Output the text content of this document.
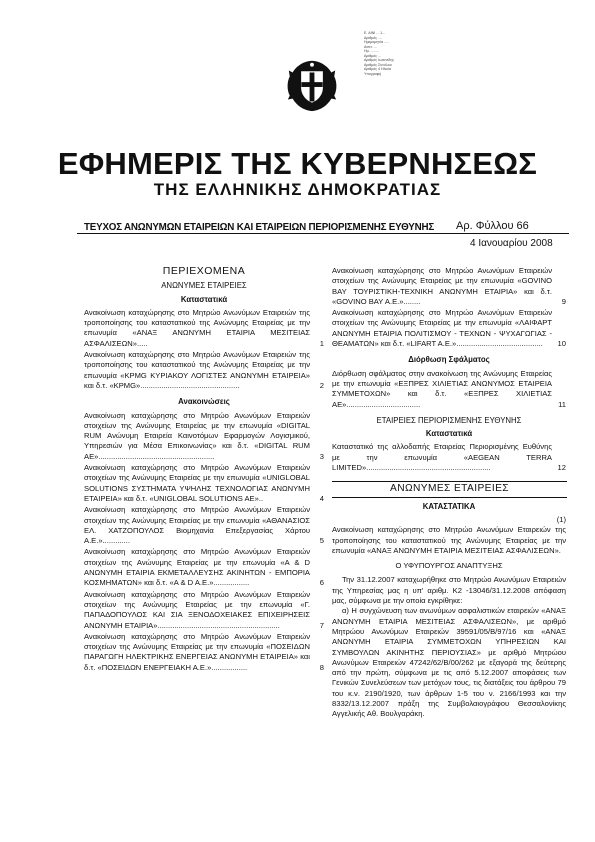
Ε. ΑΙΝΙ ... 1...
Αριθμός ....
Ημερομηνία .....
Αντιτ. ...
Ημ. ........
Αριθμός ...
Αριθμός Ιωαννιδης
Αριθμός Συνόλου
Αριθμός 4 Ηλικία
Υπογραφή
ΕΦΗΜΕΡΙΣ ΤΗΣ ΚΥΒΕΡΝΗΣΕΩΣ
ΤΗΣ ΕΛΛΗΝΙΚΗΣ ΔΗΜΟΚΡΑΤΙΑΣ
ΤΕΥΧΟΣ ΑΝΩΝΥΜΩΝ ΕΤΑΙΡΕΙΩΝ ΚΑΙ ΕΤΑΙΡΕΙΩΝ ΠΕΡΙΟΡΙΣΜΕΝΗΣ ΕΥΘΥΝΗΣ Αρ. Φύλλου 66
4 Ιανουαρίου 2008

ΠΕΡΙΕΧΟΜΕΝΑ

ΑΝΩΝΥΜΕΣ ΕΤΑΙΡΕΙΕΣ

Καταστατικά

Ανακοίνωση καταχώρησης στο Μητρώο Ανωνύμων Εταιρειών της τροποποίησης του καταστατικού της Ανώνυμης Εταιρείας με την επωνυμία «ΑΝΑΞ ΑΝΩΝΥΜΗ ΕΤΑΙΡΙΑ ΜΕΣΙΤΕΙΑΣ ΑΣΦΑΛΙΣΕΩΝ».....	1
Ανακοίνωση καταχώρησης στο Μητρώο Ανωνύμων Εταιρειών της τροποποίησης του καταστατικού της Ανώνυμης Εταιρείας με την επωνυμία «KPMG ΚΥΡΙΑΚΟΥ ΛΟΓΙΣΤΕΣ ΑΝΩΝΥΜΗ ΕΤΑΙΡΕΙΑ» και δ.τ. «KPMG»...............................................	2

Ανακοινώσεις

Ανακοίνωση καταχώρησης στο Μητρώο Ανωνύμων Εταιρειών στοιχείων της Ανώνυμης Εταιρείας με την επωνυμία «DIGITAL RUM Ανώνυμη Εταιρεία Καινοτόμων Εφαρμογών Λογισμικού, Υπηρεσιών για Μέσα Επικοινωνίας» και δ.τ. «DIGITAL RUM ΑΕ».......................................................	3
Ανακοίνωση καταχώρησης στο Μητρώο Ανωνύμων Εταιρειών στοιχείων της Ανώνυμης Εταιρείας με την επωνυμία «UNIGLOBAL SOLUTIONS ΣΥΣΤΗΜΑΤΑ ΥΨΗΛΗΣ ΤΕΧΝΟΛΟΓΙΑΣ ΑΝΩΝΥΜΗ ΕΤΑΙΡΕΙΑ» και δ.τ. «UNIGLOBAL SOLUTIONS AE»..	4
Ανακοίνωση καταχώρησης στο Μητρώο Ανωνύμων Εταιρειών στοιχείων της Ανώνυμης Εταιρείας με την επωνυμία «ΑΘΑΝΑΣΙΟΣ ΕΛ. ΧΑΤΖΟΠΟΥΛΟΣ Βιομηχανία Επεξεργασίας Χάρτου Α.Ε.».............	5
Ανακοίνωση καταχώρησης στο Μητρώο Ανωνύμων Εταιρειών στοιχείων της Ανώνυμης Εταιρείας με την επωνυμία «A & D ΑΝΩΝΥΜΗ ΕΤΑΙΡΙΑ ΕΚΜΕΤΑΛΛΕΥΣΗΣ ΑΚΙΝΗΤΩΝ - ΕΜΠΟΡΙΑ ΚΟΣΜΗΜΑΤΩΝ» και δ.τ. «A & D A.E.».................	6
Ανακοίνωση καταχώρησης στο Μητρώο Ανωνύμων Εταιρειών στοιχείων της Ανώνυμης Εταιρείας με την επωνυμία «Γ. ΠΑΠΑΔΟΠΟΥΛΟΣ ΚΑΙ ΣΙΑ ΞΕΝΟΔΟΧΕΙΑΚΕΣ ΕΠΙΧΕΙΡΗΣΕΙΣ ΑΝΩΝΥΜΗ ΕΤΑΙΡΙΑ»..........................................................	7
Ανακοίνωση καταχώρησης στο Μητρώο Ανωνύμων Εταιρειών στοιχείων της Ανώνυμης Εταιρείας με την επωνυμία «ΠΟΣΕΙΔΩΝ ΠΑΡΑΓΩΓΗ ΗΛΕΚΤΡΙΚΗΣ ΕΝΕΡΓΕΙΑΣ ΑΝΩΝΥΜΗ ΕΤΑΙΡΕΙΑ» και δ.τ. «ΠΟΣΕΙΔΩΝ ΕΝΕΡΓΕΙΑΚΗ Α.Ε.».................	8
Ανακοίνωση καταχώρησης στο Μητρώο Ανωνύμων Εταιρειών στοιχείων της Ανώνυμης Εταιρείας με την επωνυμία «GOVINO BAY ΤΟΥΡΙΣΤΙΚΗ-ΤΕΧΝΙΚΗ ΑΝΩΝΥΜΗ ΕΤΑΙΡΙΑ» και δ.τ. «GOVINO BAY A.E.»........	9
Ανακοίνωση καταχώρησης στο Μητρώο Ανωνύμων Εταιρειών στοιχείων της Ανώνυμης Εταιρείας με την επωνυμία «ΛΑΙΦΑΡΤ ΑΝΩΝΥΜΗ ΕΤΑΙΡΙΑ ΠΟΛΙΤΙΣΜΟΥ - ΤΕΧΝΩΝ - ΨΥΧΑΓΩΓΙΑΣ - ΘΕΑΜΑΤΩΝ» και δ.τ. «LIFART A.E.».........................................	10

Διόρθωση Σφάλματος

Διόρθωση σφάλματος στην ανακοίνωση της Ανώνυμης Εταιρείας με την επωνυμία «ΕΞΠΡΕΣ ΧΙΛΙΕΤΙΑΣ ΑΝΩΝΥΜΟΣ ΕΤΑΙΡΕΙΑ ΣΥΜΜΕΤΟΧΩΝ» και δ.τ. «ΕΞΠΡΕΣ ΧΙΛΙΕΤΙΑΣ ΑΕ»...................................	11

ΕΤΑΙΡΕΙΕΣ ΠΕΡΙΟΡΙΣΜΕΝΗΣ ΕΥΘΥΝΗΣ

Καταστατικά

Καταστατικό της αλλοδαπής Εταιρείας Περιορισμένης Ευθύνης με την επωνυμία «AEGEAN TERRA LIMITED»...........................................................	12
ΑΝΩΝΥΜΕΣ ΕΤΑΙΡΕΙΕΣ

ΚΑΤΑΣΤΑΤΙΚΑ

(1)

Ανακοίνωση καταχώρησης στο Μητρώο Ανωνύμων Εταιρειών της τροποποίησης του καταστατικού της Ανώνυμης Εταιρείας με την επωνυμία «ΑΝΑΞ ΑΝΩΝΥΜΗ ΕΤΑΙΡΙΑ ΜΕΣΙΤΕΙΑΣ ΑΣΦΑΛΙΣΕΩΝ».

Ο ΥΦΥΠΟΥΡΓΟΣ ΑΝΑΠΤΥΞΗΣ

Την 31.12.2007 καταχωρήθηκε στο Μητρώο Ανωνύμων Εταιρειών της Υπηρεσίας μας η υπ' αριθμ. Κ2 -13046/31.12.2008 απόφαση μας, σύμφωνα με την οποία εγκρίθηκε:

α) Η συγχώνευση των ανωνύμων ασφαλιστικών εταιρειών «ΑΝΑΞ ΑΝΩΝΥΜΗ ΕΤΑΙΡΙΑ ΜΕΣΙΤΕΙΑΣ ΑΣΦΑΛΙΣΕΩΝ», με αριθμό Μητρώου Ανωνύμων Εταιρειών 39591/05/Β/97/16 και «ΑΝΑΞ ΑΝΩΝΥΜΗ ΕΤΑΙΡΙΑ ΣΥΜΜΕΤΟΧΩΝ ΥΠΗΡΕΣΙΩΝ ΚΑΙ ΣΥΜΒΟΥΛΩΝ ΑΚΙΝΗΤΗΣ ΠΕΡΙΟΥΣΙΑΣ» με αριθμό Μητρώου Ανωνύμων Εταιρειών 47242/62/Β/00/262 με εξαγορά της δεύτερης από την πρώτη, σύμφωνα με τις από 5.12.2007 αποφάσεις των Γενικών Συνελεύσεων των μετόχων τους, τις διατάξεις του άρθρου 79 του κ.ν. 2190/1920, των άρθρων 1-5 του ν. 2166/1993 και την 8332/13.12.2007 πράξη της Συμβολαιογράφου Θεσσαλονίκης Αγγελικής Αθ. Βουλγαράκη.
